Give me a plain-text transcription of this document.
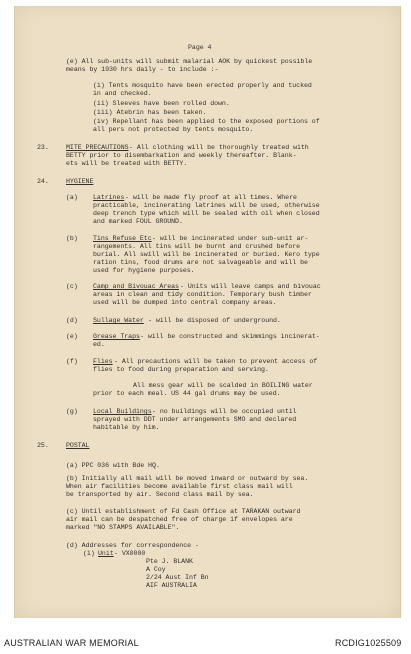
Page 4
(e) All sub-units will submit malarial AOK by quickest possible
means by 1930 hrs daily - to include :-
(i) Tents mosquito have been erected properly and tucked
in and checked.
(ii) Sleeves have been rolled down.
(iii) Atebrin has been taken.
(iv) Repellant has been applied to the exposed portions of
all pers not protected by tents mosquito.
23.	MITE PRECAUTIONS - All clothing will be thoroughly treated with
BETTY prior to disembarkation and weekly thereafter. Blank-
ets will be treated with BETTY.
24.	HYGIENE
(a) Latrines - will be made fly proof at all times. Where
practicable, incinerating latrines will be used, otherwise
deep trench type which will be sealed with oil when closed
and marked FOUL GROUND.
(b) Tins Refuse Etc - will be incinerated under sub-unit ar-
rangements. All tins will be burnt and crushed before
burial. All swill will be incinerated or buried. Kero type
ration tins, food drums are not salvageable and will be
used for hygiene purposes.
(c) Camp and Bivouac Areas - Units will leave camps and bivouac
areas in clean and tidy condition. Temporary bush timber
used will be dumped into central company areas.
(d) Sullage Water - will be disposed of underground.
(e) Grease Traps - will be constructed and skimmings incinerat-
ed.
(f) Flies - All precautions will be taken to prevent access of
flies to food during preparation and serving.
All mess gear will be scalded in BOILING water
prior to each meal. US 44 gal drums may be used.
(g) Local Buildings - no buildings will be occupied until
sprayed with DDT under arrangements SMO and declared
habitable by him.
25.	POSTAL
(a) PPC 036 with Bde HQ.
(b) Initially all mail will be moved inward or outward by sea.
When air facilities become available first class mail will
be transported by air. Second class mail by sea.
(c) Until establishment of Fd Cash Office at TARAKAN outward
air mail can be despatched free of charge if envelopes are
marked "NO STAMPS AVAILABLE".
(d) Addresses for correspondence -
(i) Unit - VX0000
Pte J. BLANK
A Coy
2/24 Aust Inf Bn
AIF AUSTRALIA
AUSTRALIAN WAR MEMORIAL	RCDIG1025509
